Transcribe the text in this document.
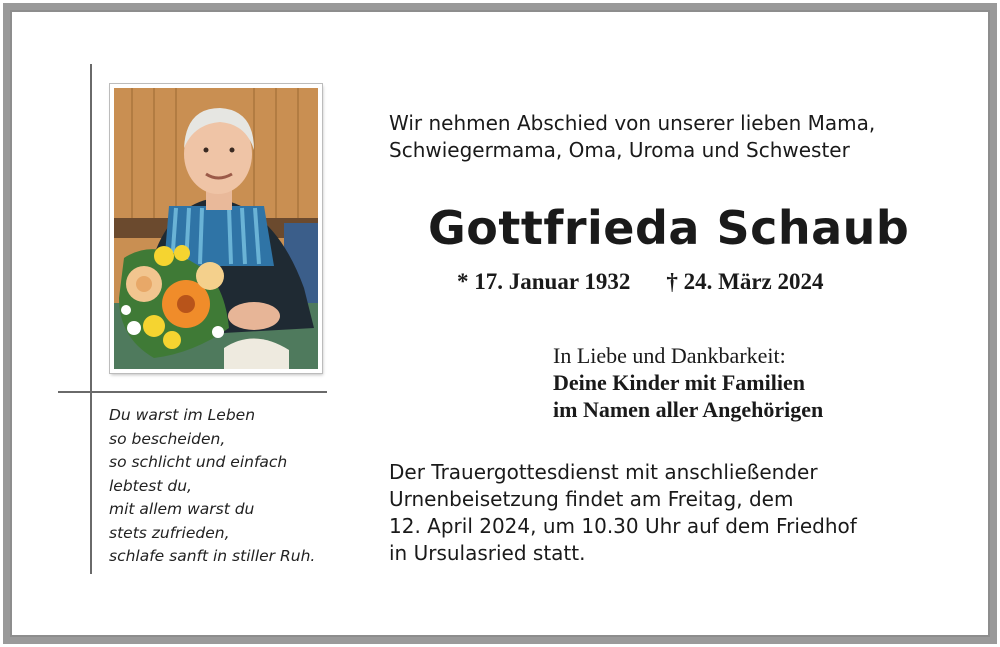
Du warst im Leben
so bescheiden,
so schlicht und einfach
lebtest du,
mit allem warst du
stets zufrieden,
schlafe sanft in stiller Ruh.
Wir nehmen Abschied von unserer lieben Mama,
Schwiegermama, Oma, Uroma und Schwester
Gottfrieda Schaub
* 17. Januar 1932 † 24. März 2024
In Liebe und Dankbarkeit:
Deine Kinder mit Familien
im Namen aller Angehörigen
Der Trauergottesdienst mit anschließender
Urnenbeisetzung findet am Freitag, dem
12. April 2024, um 10.30 Uhr auf dem Friedhof
in Ursulasried statt.
